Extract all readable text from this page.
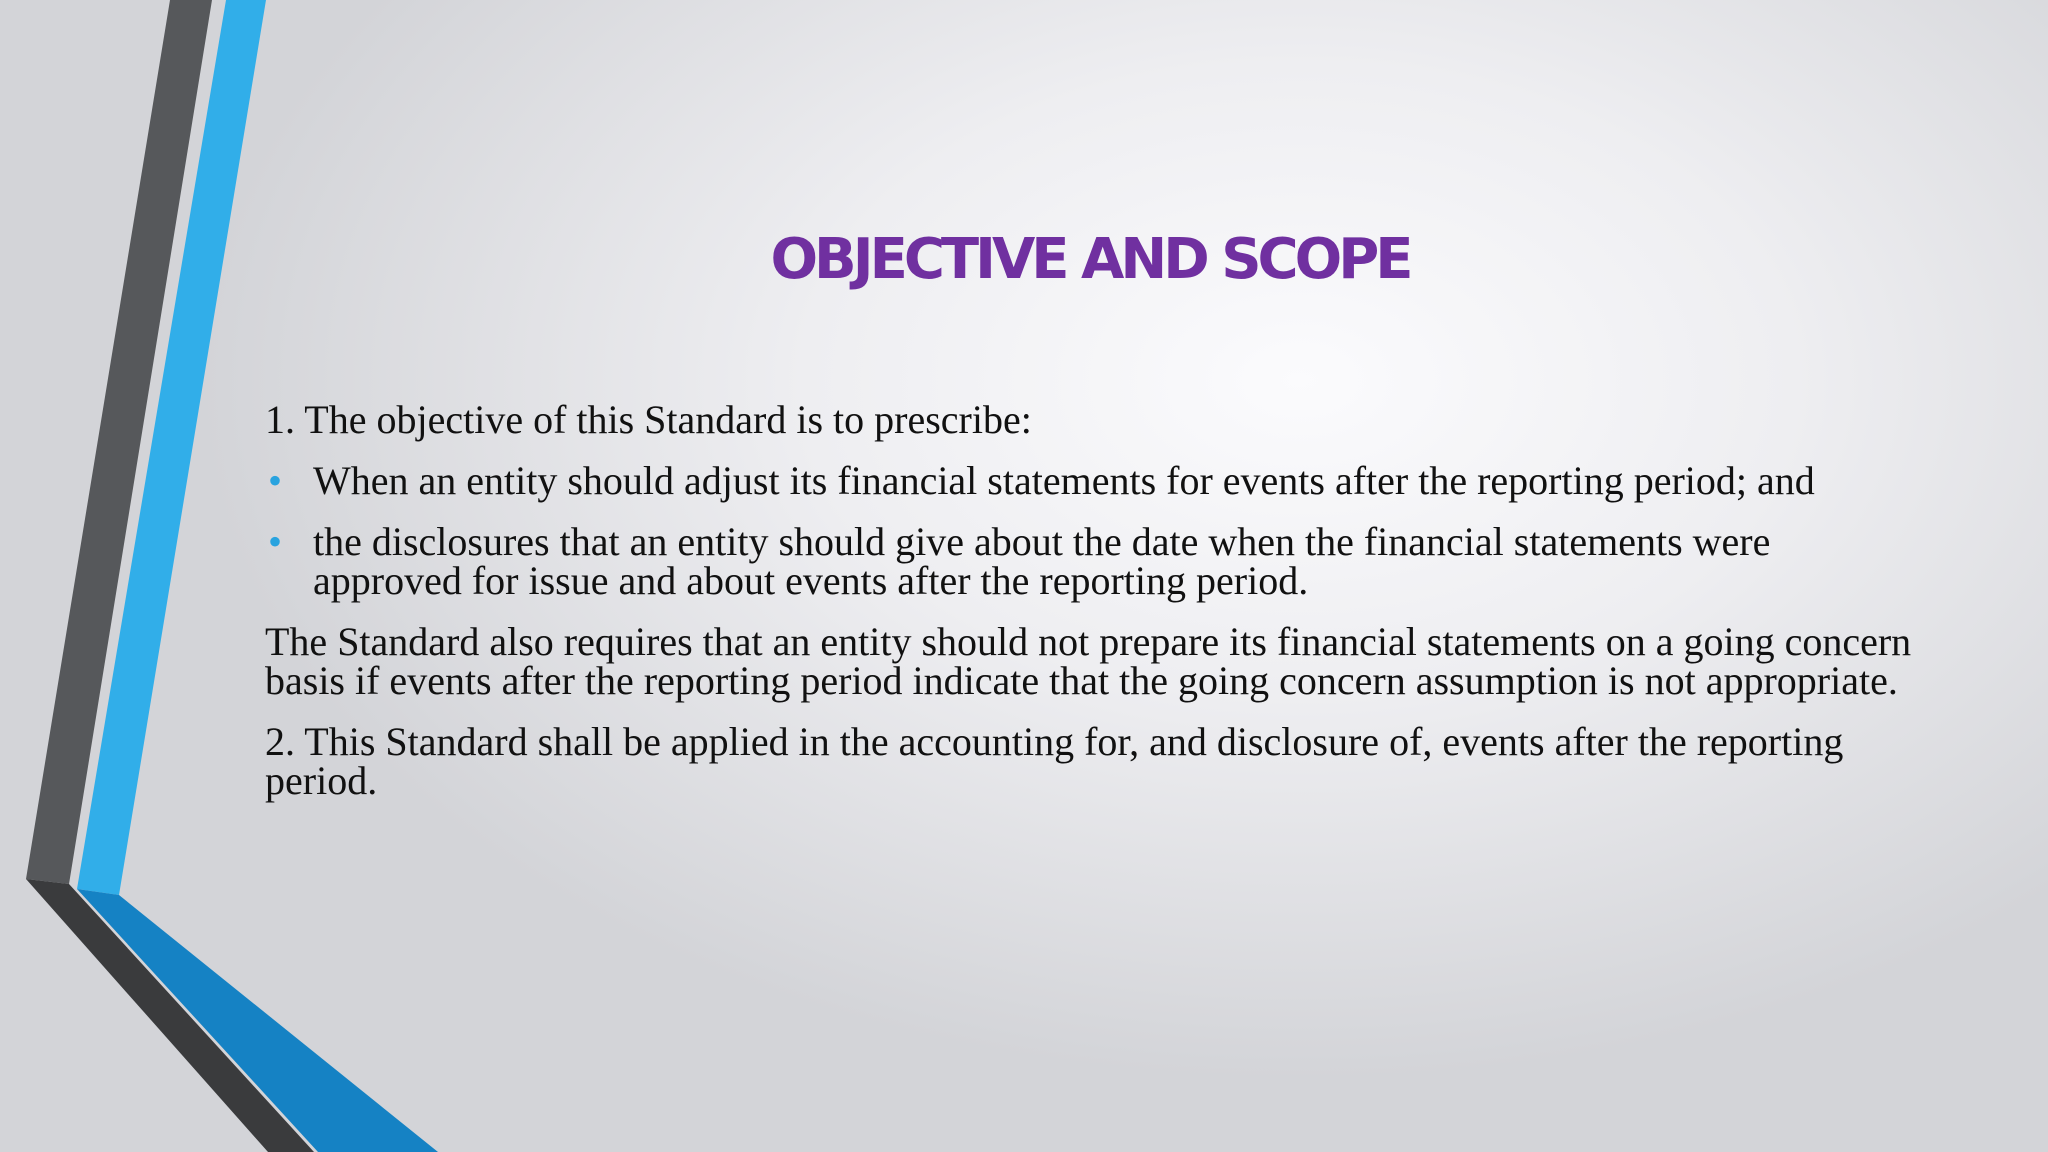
OBJECTIVE AND SCOPE

1. The objective of this Standard is to prescribe:

• When an entity should adjust its financial statements for events after the reporting period; and
• the disclosures that an entity should give about the date when the financial statements were approved for issue and about events after the reporting period.

The Standard also requires that an entity should not prepare its financial statements on a going concern basis if events after the reporting period indicate that the going concern assumption is not appropriate.

2. This Standard shall be applied in the accounting for, and disclosure of, events after the reporting period.
